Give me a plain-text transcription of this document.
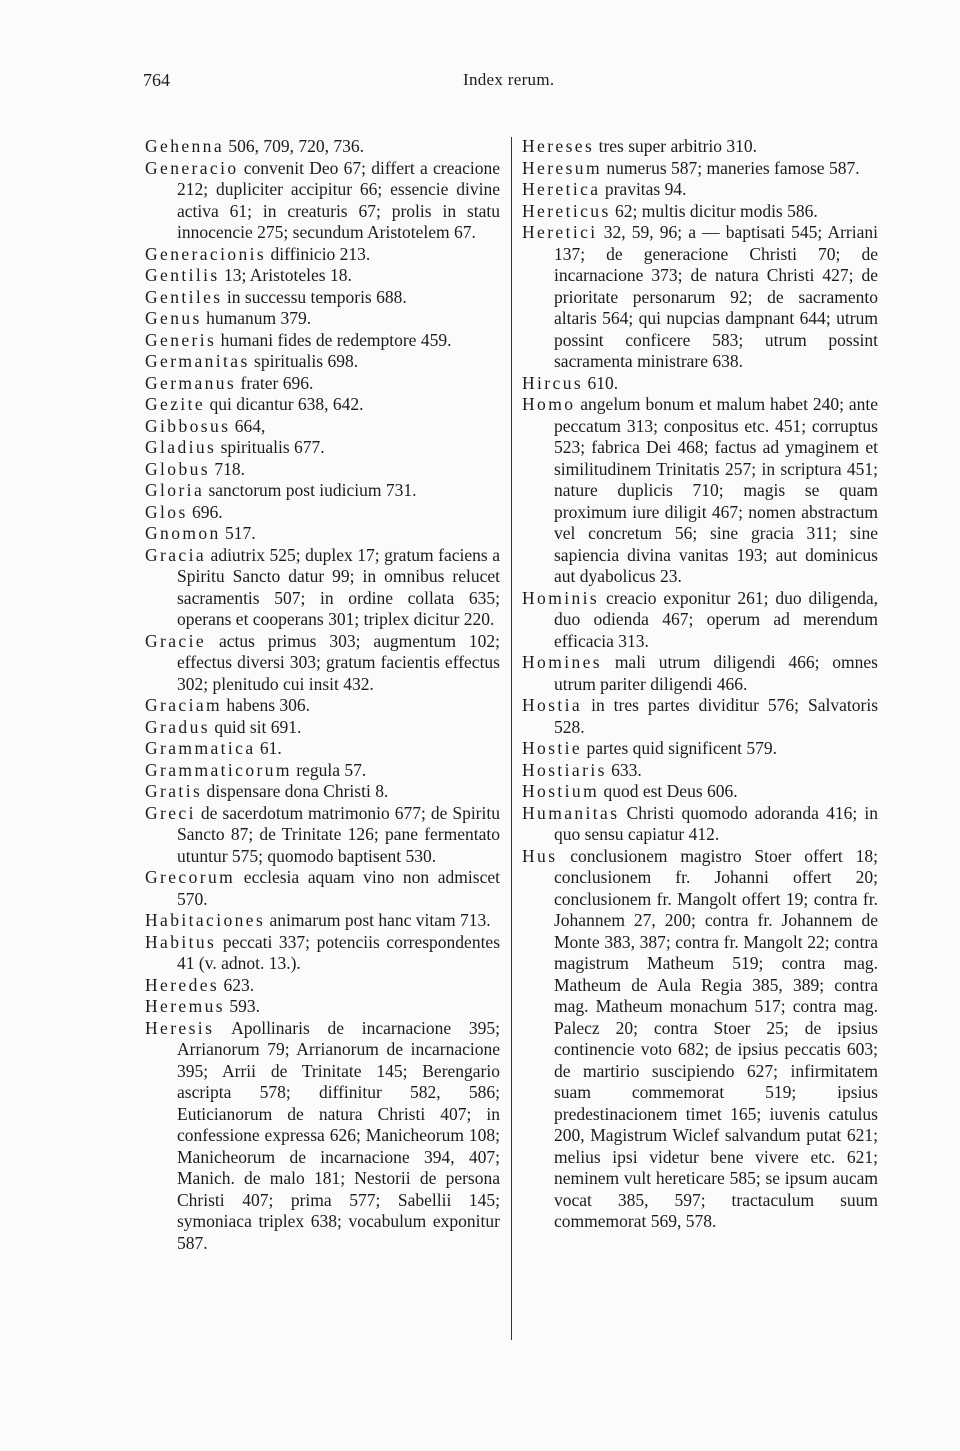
764	Index rerum.

Gehenna 506, 709, 720, 736.

Generacio convenit Deo 67; differt a creacione 212; dupliciter accipitur 66; essencie divine activa 61; in creaturis 67; prolis in statu innocencie 275; secundum Aristotelem 67.

Generacionis diffinicio 213.

Gentilis 13; Aristoteles 18.

Gentiles in successu temporis 688.

Genus humanum 379.

Generis humani fides de redemptore 459.

Germanitas spiritualis 698.

Germanus frater 696.

Gezite qui dicantur 638, 642.

Gibbosus 664,

Gladius spiritualis 677.

Globus 718.

Gloria sanctorum post iudicium 731.

Glos 696.

Gnomon 517.

Gracia adiutrix 525; duplex 17; gratum faciens a Spiritu Sancto datur 99; in omnibus relucet sacramentis 507; in ordine collata 635; operans et cooperans 301; triplex dicitur 220.

Gracie actus primus 303; augmentum 102; effectus diversi 303; gratum facientis effectus 302; plenitudo cui insit 432.

Graciam habens 306.

Gradus quid sit 691.

Grammatica 61.

Grammaticorum regula 57.

Gratis dispensare dona Christi 8.

Greci de sacerdotum matrimonio 677; de Spiritu Sancto 87; de Trinitate 126; pane fermentato utuntur 575; quomodo baptisent 530.

Grecorum ecclesia aquam vino non admiscet 570.

Habitaciones animarum post hanc vitam 713.

Habitus peccati 337; potenciis correspondentes 41 (v. adnot. 13.).

Heredes 623.

Heremus 593.

Heresis Apollinaris de incarnacione 395; Arrianorum 79; Arrianorum de incarnacione 395; Arrii de Trinitate 145; Berengario ascripta 578; diffinitur 582, 586; Euticianorum de natura Christi 407; in confessione expressa 626; Manicheorum 108; Manicheorum de incarnacione 394, 407; Manich. de malo 181; Nestorii de persona Christi 407; prima 577; Sabellii 145; symoniaca triplex 638; vocabulum exponitur 587.

Hereses tres super arbitrio 310.

Heresum numerus 587; maneries famose 587.

Heretica pravitas 94.

Hereticus 62; multis dicitur modis 586.

Heretici 32, 59, 96; a — baptisati 545; Arriani 137; de generacione Christi 70; de incarnacione 373; de natura Christi 427; de prioritate personarum 92; de sacramento altaris 564; qui nupcias dampnant 644; utrum possint conficere 583; utrum possint sacramenta ministrare 638.

Hircus 610.

Homo angelum bonum et malum habet 240; ante peccatum 313; conpositus etc. 451; corruptus 523; fabrica Dei 468; factus ad ymaginem et similitudinem Trinitatis 257; in scriptura 451; nature duplicis 710; magis se quam proximum iure diligit 467; nomen abstractum vel concretum 56; sine gracia 311; sine sapiencia divina vanitas 193; aut dominicus aut dyabolicus 23.

Hominis creacio exponitur 261; duo diligenda, duo odienda 467; operum ad merendum efficacia 313.

Homines mali utrum diligendi 466; omnes utrum pariter diligendi 466.

Hostia in tres partes dividitur 576; Salvatoris 528.

Hostie partes quid significent 579.

Hostiaris 633.

Hostium quod est Deus 606.

Humanitas Christi quomodo adoranda 416; in quo sensu capiatur 412.

Hus conclusionem magistro Stoer offert 18; conclusionem fr. Johanni offert 20; conclusionem fr. Mangolt offert 19; contra fr. Johannem 27, 200; contra fr. Johannem de Monte 383, 387; contra fr. Mangolt 22; contra magistrum Matheum 519; contra mag. Matheum de Aula Regia 385, 389; contra mag. Matheum monachum 517; contra mag. Palecz 20; contra Stoer 25; de ipsius continencie voto 682; de ipsius peccatis 603; de martirio suscipiendo 627; infirmitatem suam commemorat 519; ipsius predestinacionem timet 165; iuvenis catulus 200, Magistrum Wiclef salvandum putat 621; melius ipsi videtur bene vivere etc. 621; neminem vult hereticare 585; se ipsum aucam vocat 385, 597; tractaculum suum commemorat 569, 578.
